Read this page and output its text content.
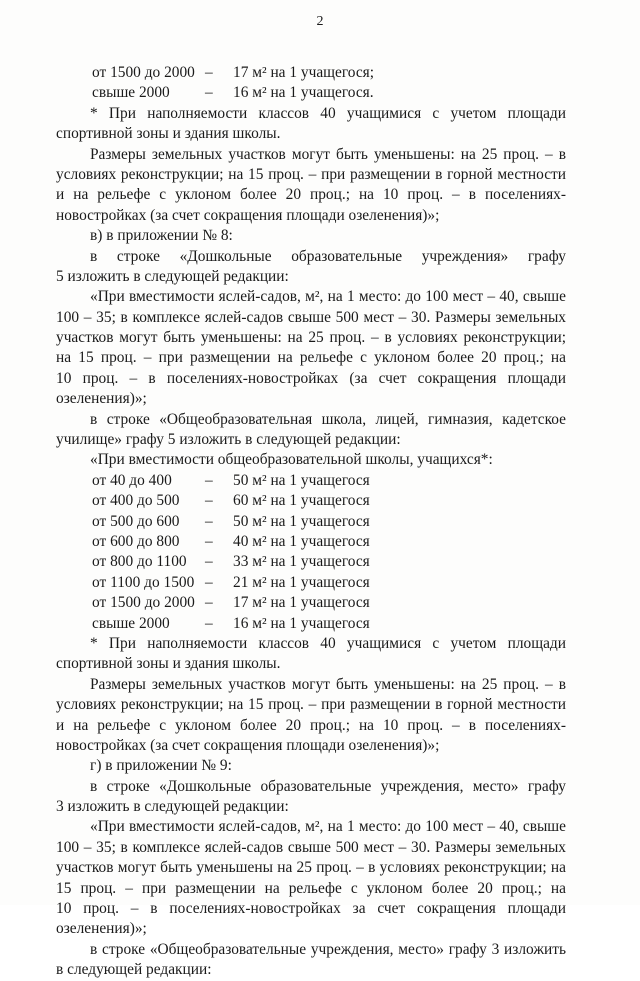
2
от 1500 до 2000 – 17 м² на 1 учащегося;
свыше 2000 – 16 м² на 1 учащегося.
* При наполняемости классов 40 учащимися с учетом площади
спортивной зоны и здания школы.
Размеры земельных участков могут быть уменьшены: на 25 проц. – в
условиях реконструкции; на 15 проц. – при размещении в горной местности
и на рельефе с уклоном более 20 проц.; на 10 проц. – в поселениях-
новостройках (за счет сокращения площади озеленения)»;
в) в приложении № 8:
в строке «Дошкольные образовательные учреждения» графу
5 изложить в следующей редакции:
«При вместимости яслей-садов, м², на 1 место: до 100 мест – 40, свыше
100 – 35; в комплексе яслей-садов свыше 500 мест – 30. Размеры земельных
участков могут быть уменьшены: на 25 проц. – в условиях реконструкции;
на 15 проц. – при размещении на рельефе с уклоном более 20 проц.; на
10 проц. – в поселениях-новостройках (за счет сокращения площади
озеленения)»;
в строке «Общеобразовательная школа, лицей, гимназия, кадетское
училище» графу 5 изложить в следующей редакции:
«При вместимости общеобразовательной школы, учащихся*:
от 40 до 400 – 50 м² на 1 учащегося
от 400 до 500 – 60 м² на 1 учащегося
от 500 до 600 – 50 м² на 1 учащегося
от 600 до 800 – 40 м² на 1 учащегося
от 800 до 1100 – 33 м² на 1 учащегося
от 1100 до 1500 – 21 м² на 1 учащегося
от 1500 до 2000 – 17 м² на 1 учащегося
свыше 2000 – 16 м² на 1 учащегося
* При наполняемости классов 40 учащимися с учетом площади
спортивной зоны и здания школы.
Размеры земельных участков могут быть уменьшены: на 25 проц. – в
условиях реконструкции; на 15 проц. – при размещении в горной местности
и на рельефе с уклоном более 20 проц.; на 10 проц. – в поселениях-
новостройках (за счет сокращения площади озеленения)»;
г) в приложении № 9:
в строке «Дошкольные образовательные учреждения, место» графу
3 изложить в следующей редакции:
«При вместимости яслей-садов, м², на 1 место: до 100 мест – 40, свыше
100 – 35; в комплексе яслей-садов свыше 500 мест – 30. Размеры земельных
участков могут быть уменьшены на 25 проц. – в условиях реконструкции; на
15 проц. – при размещении на рельефе с уклоном более 20 проц.; на
10 проц. – в поселениях-новостройках за счет сокращения площади
озеленения)»;
в строке «Общеобразовательные учреждения, место» графу 3 изложить
в следующей редакции:
